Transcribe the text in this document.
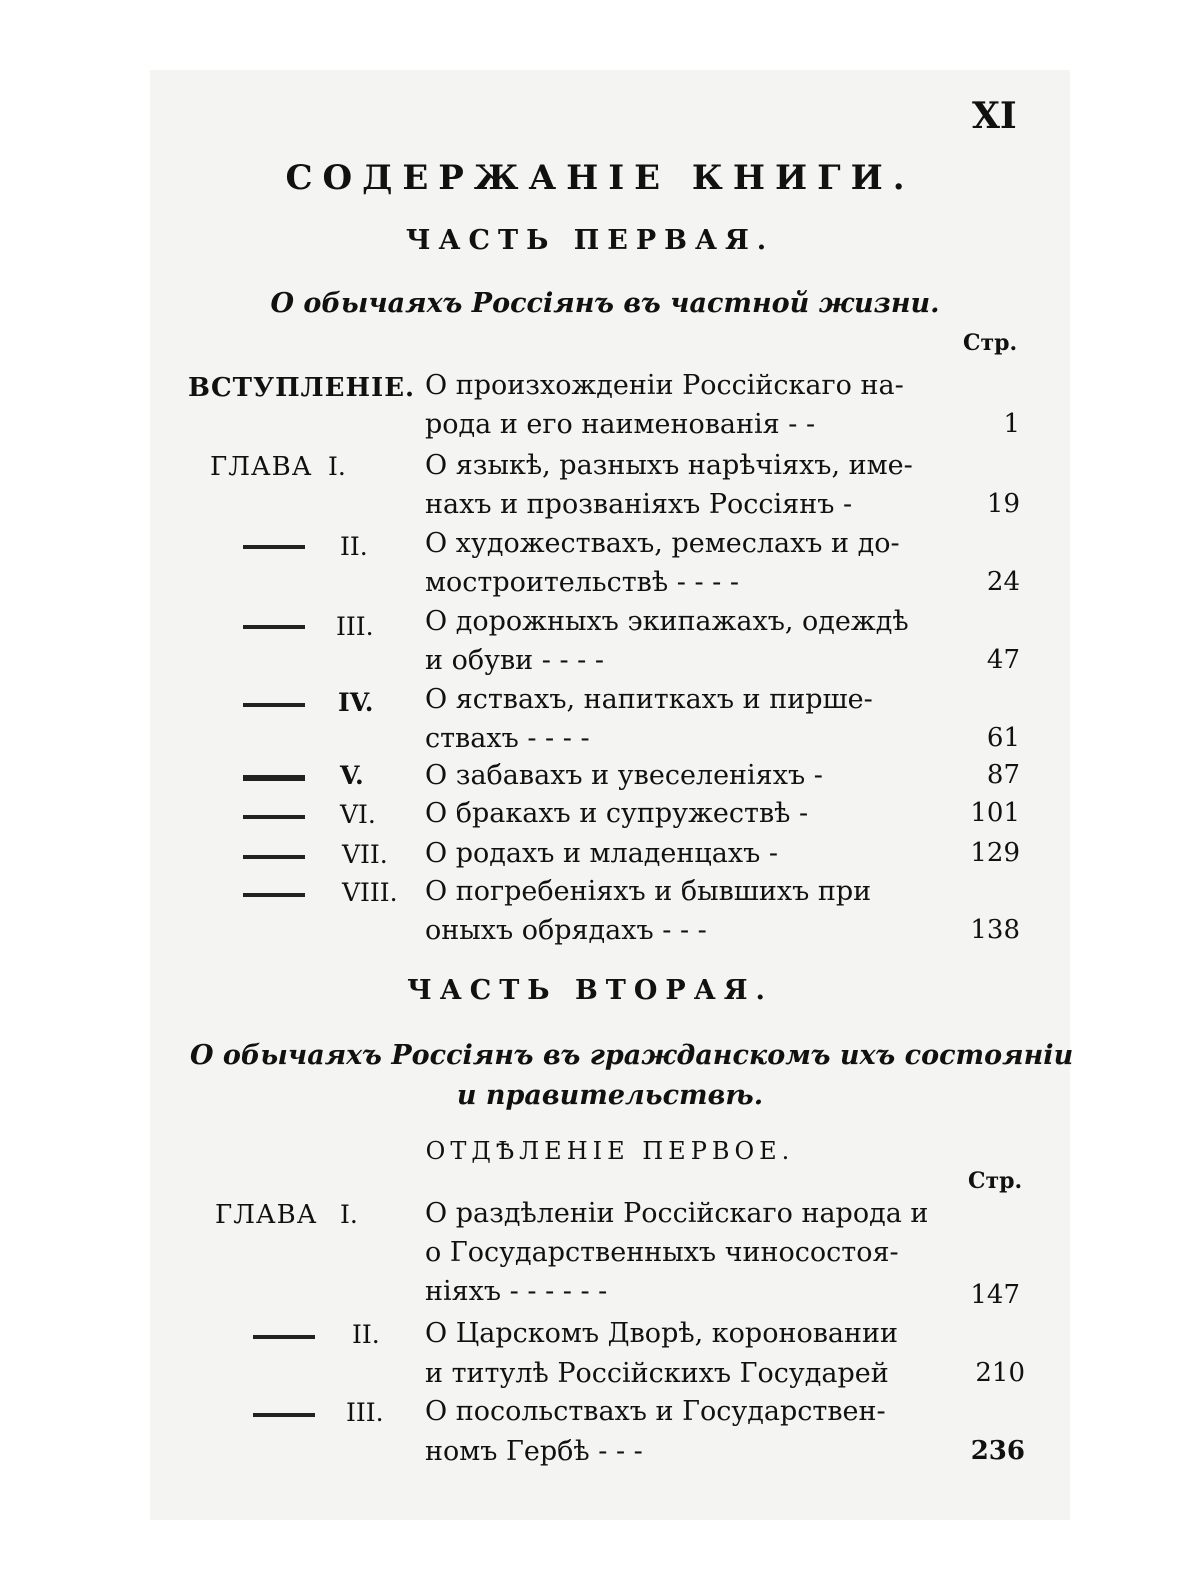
XI
СОДЕРЖАНІЕ КНИГИ.
ЧАСТЬ ПЕРВАЯ.
О обычаяхъ Россіянъ въ частной жизни.
Стр.
ВСТУПЛЕНІЕ. О произхожденіи Россійскаго на-
рода и его наименованія - -	1
ГЛАВА I.	О языкѣ, разныхъ нарѣчіяхъ, име-
нахъ и прозваніяхъ Россіянъ -	19
II. О художествахъ, ремеслахъ и до-
мостроительствѣ - - - -	24
III. О дорожныхъ экипажахъ, одеждѣ
и обуви - - - -	47
IV. О яствахъ, напиткахъ и пирше-
ствахъ - - - -	61
V. О забавахъ и увеселеніяхъ -	87
VI. О бракахъ и супружествѣ -	101
VII. О родахъ и младенцахъ -	129
VIII. О погребеніяхъ и бывшихъ при
оныхъ обрядахъ - - -	138
ЧАСТЬ ВТОРАЯ.
О обычаяхъ Россіянъ въ гражданскомъ ихъ состояніи
и правительствѣ.
ОТДѢЛЕНІЕ ПЕРВОЕ.
Стр.
ГЛАВА I. О раздѣленіи Россійскаго народа и
о Государственныхъ чиносостоя-
ніяхъ - - - - - -	147
II. О Царскомъ Дворѣ, короновании
и титулѣ Россійскихъ Государей	210
III. О посольствахъ и Государствен-
номъ Гербѣ - - -	236
